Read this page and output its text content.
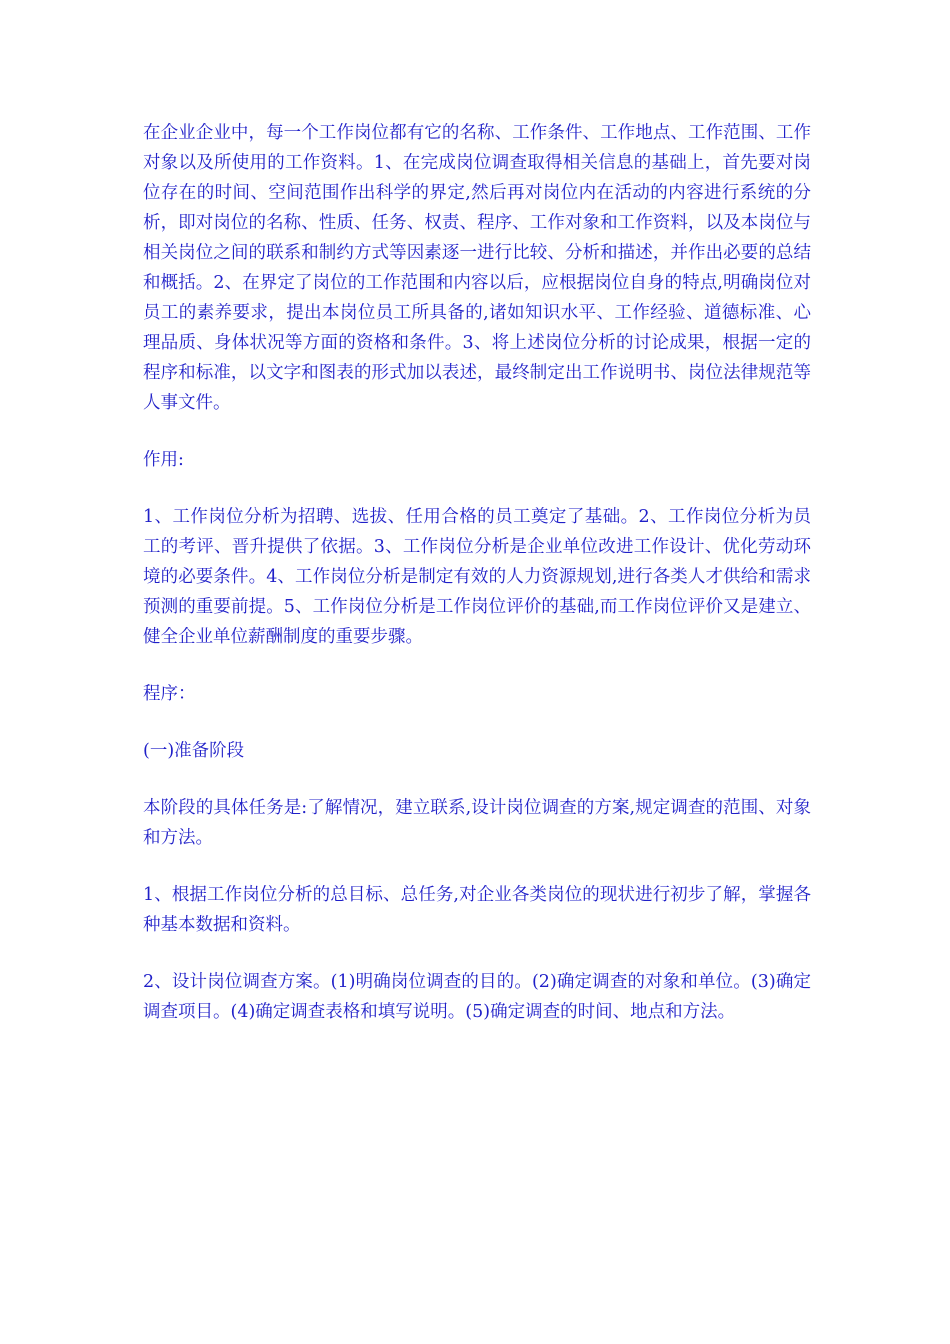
在企业企业中，每一个工作岗位都有它的名称、工作条件、工作地点、工作范围、工作对象以及所使用的工作资料。1、在完成岗位调查取得相关信息的基础上，首先要对岗位存在的时间、空间范围作出科学的界定,然后再对岗位内在活动的内容进行系统的分析，即对岗位的名称、性质、任务、权责、程序、工作对象和工作资料，以及本岗位与相关岗位之间的联系和制约方式等因素逐一进行比较、分析和描述，并作出必要的总结和概括。2、在界定了岗位的工作范围和内容以后，应根据岗位自身的特点,明确岗位对员工的素养要求，提出本岗位员工所具备的,诸如知识水平、工作经验、道德标准、心理品质、身体状况等方面的资格和条件。3、将上述岗位分析的讨论成果，根据一定的程序和标准，以文字和图表的形式加以表述，最终制定出工作说明书、岗位法律规范等人事文件。

作用:

1、工作岗位分析为招聘、选拔、任用合格的员工奠定了基础。2、工作岗位分析为员工的考评、晋升提供了依据。3、工作岗位分析是企业单位改进工作设计、优化劳动环境的必要条件。4、工作岗位分析是制定有效的人力资源规划,进行各类人才供给和需求预测的重要前提。5、工作岗位分析是工作岗位评价的基础,而工作岗位评价又是建立、健全企业单位薪酬制度的重要步骤。

程序：

(一)准备阶段

本阶段的具体任务是:了解情况，建立联系,设计岗位调查的方案,规定调查的范围、对象和方法。

1、根据工作岗位分析的总目标、总任务,对企业各类岗位的现状进行初步了解，掌握各种基本数据和资料。

2、设计岗位调查方案。(1)明确岗位调查的目的。(2)确定调查的对象和单位。(3)确定调查项目。(4)确定调查表格和填写说明。(5)确定调查的时间、地点和方法。
